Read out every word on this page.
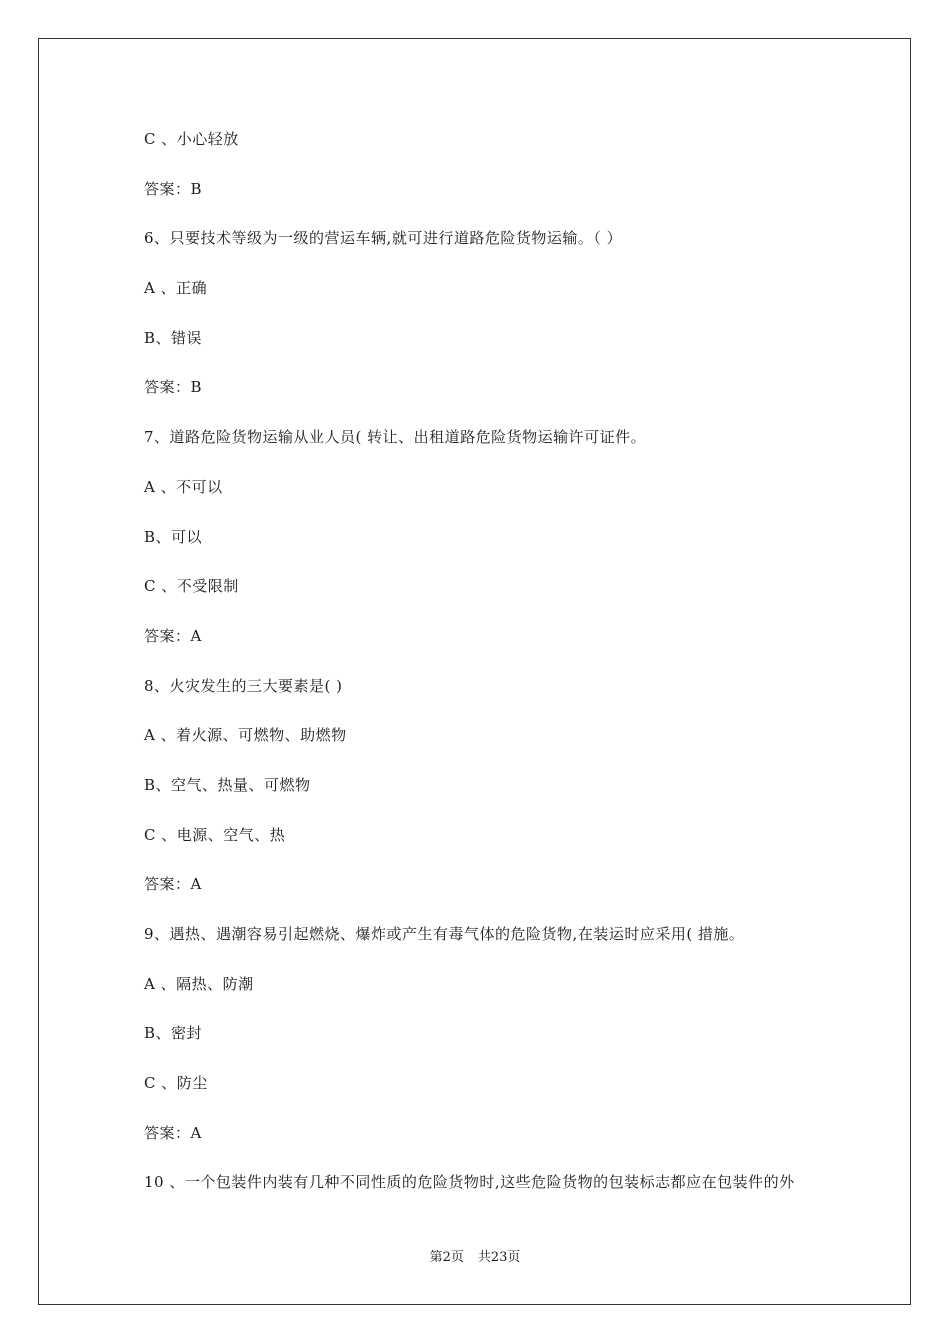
C 、小心轻放
答案：B
6、只要技术等级为一级的营运车辆,就可进行道路危险货物运输。（ ）
A 、正确
B、错误
答案：B
7、道路危险货物运输从业人员( 转让、出租道路危险货物运输许可证件。
A 、不可以
B、可以
C 、不受限制
答案：A
8、火灾发生的三大要素是( )
A 、着火源、可燃物、助燃物
B、空气、热量、可燃物
C 、电源、空气、热
答案：A
9、遇热、遇潮容易引起燃烧、爆炸或产生有毒气体的危险货物,在装运时应采用( 措施。
A 、隔热、防潮
B、密封
C 、防尘
答案：A
10 、一个包装件内装有几种不同性质的危险货物时,这些危险货物的包装标志都应在包装件的外
第2页 共23页
